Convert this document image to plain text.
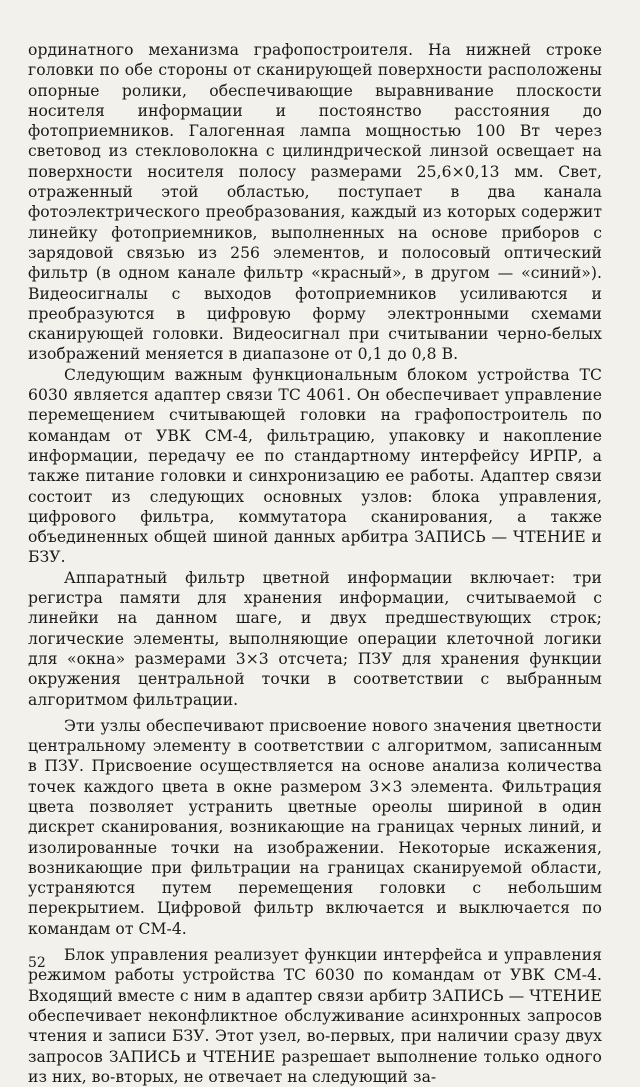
ординатного механизма графопостроителя. На нижней строке головки по обе стороны от сканирующей поверхности расположены опорные ролики, обеспечивающие выравнивание плоскости носителя информации и постоянство расстояния до фотоприемников. Галогенная лампа мощностью 100 Вт через световод из стекловолокна с цилиндрической линзой освещает на поверхности носителя полосу размерами 25,6×0,13 мм. Свет, отраженный этой областью, поступает в два канала фотоэлектрического преобразования, каждый из которых содержит линейку фотоприемников, выполненных на основе приборов с зарядовой связью из 256 элементов, и полосовый оптический фильтр (в одном канале фильтр «красный», в другом — «синий»). Видеосигналы с выходов фотоприемников усиливаются и преобразуются в цифровую форму электронными схемами сканирующей головки. Видеосигнал при считывании черно-белых изображений меняется в диапазоне от 0,1 до 0,8 В.

Следующим важным функциональным блоком устройства ТС 6030 является адаптер связи ТС 4061. Он обеспечивает управление перемещением считывающей головки на графопостроитель по командам от УВК СМ-4, фильтрацию, упаковку и накопление информации, передачу ее по стандартному интерфейсу ИРПР, а также питание головки и синхронизацию ее работы. Адаптер связи состоит из следующих основных узлов: блока управления, цифрового фильтра, коммутатора сканирования, а также объединенных общей шиной данных арбитра ЗАПИСЬ — ЧТЕНИЕ и БЗУ.

Аппаратный фильтр цветной информации включает: три регистра памяти для хранения информации, считываемой с линейки на данном шаге, и двух предшествующих строк; логические элементы, выполняющие операции клеточной логики для «окна» размерами 3×3 отсчета; ПЗУ для хранения функции окружения центральной точки в соответствии с выбранным алгоритмом фильтрации.

Эти узлы обеспечивают присвоение нового значения цветности центральному элементу в соответствии с алгоритмом, записанным в ПЗУ. Присвоение осуществляется на основе анализа количества точек каждого цвета в окне размером 3×3 элемента. Фильтрация цвета позволяет устранить цветные ореолы шириной в один дискрет сканирования, возникающие на границах черных линий, и изолированные точки на изображении. Некоторые искажения, возникающие при фильтрации на границах сканируемой области, устраняются путем перемещения головки с небольшим перекрытием. Цифровой фильтр включается и выключается по командам от СМ-4.

Блок управления реализует функции интерфейса и управления режимом работы устройства ТС 6030 по командам от УВК СМ-4. Входящий вместе с ним в адаптер связи арбитр ЗАПИСЬ — ЧТЕНИЕ обеспечивает неконфликтное обслуживание асинхронных запросов чтения и записи БЗУ. Этот узел, во-первых, при наличии сразу двух запросов ЗАПИСЬ и ЧТЕНИЕ разрешает выполнение только одного из них, во-вторых, не отвечает на следующий за-

52
